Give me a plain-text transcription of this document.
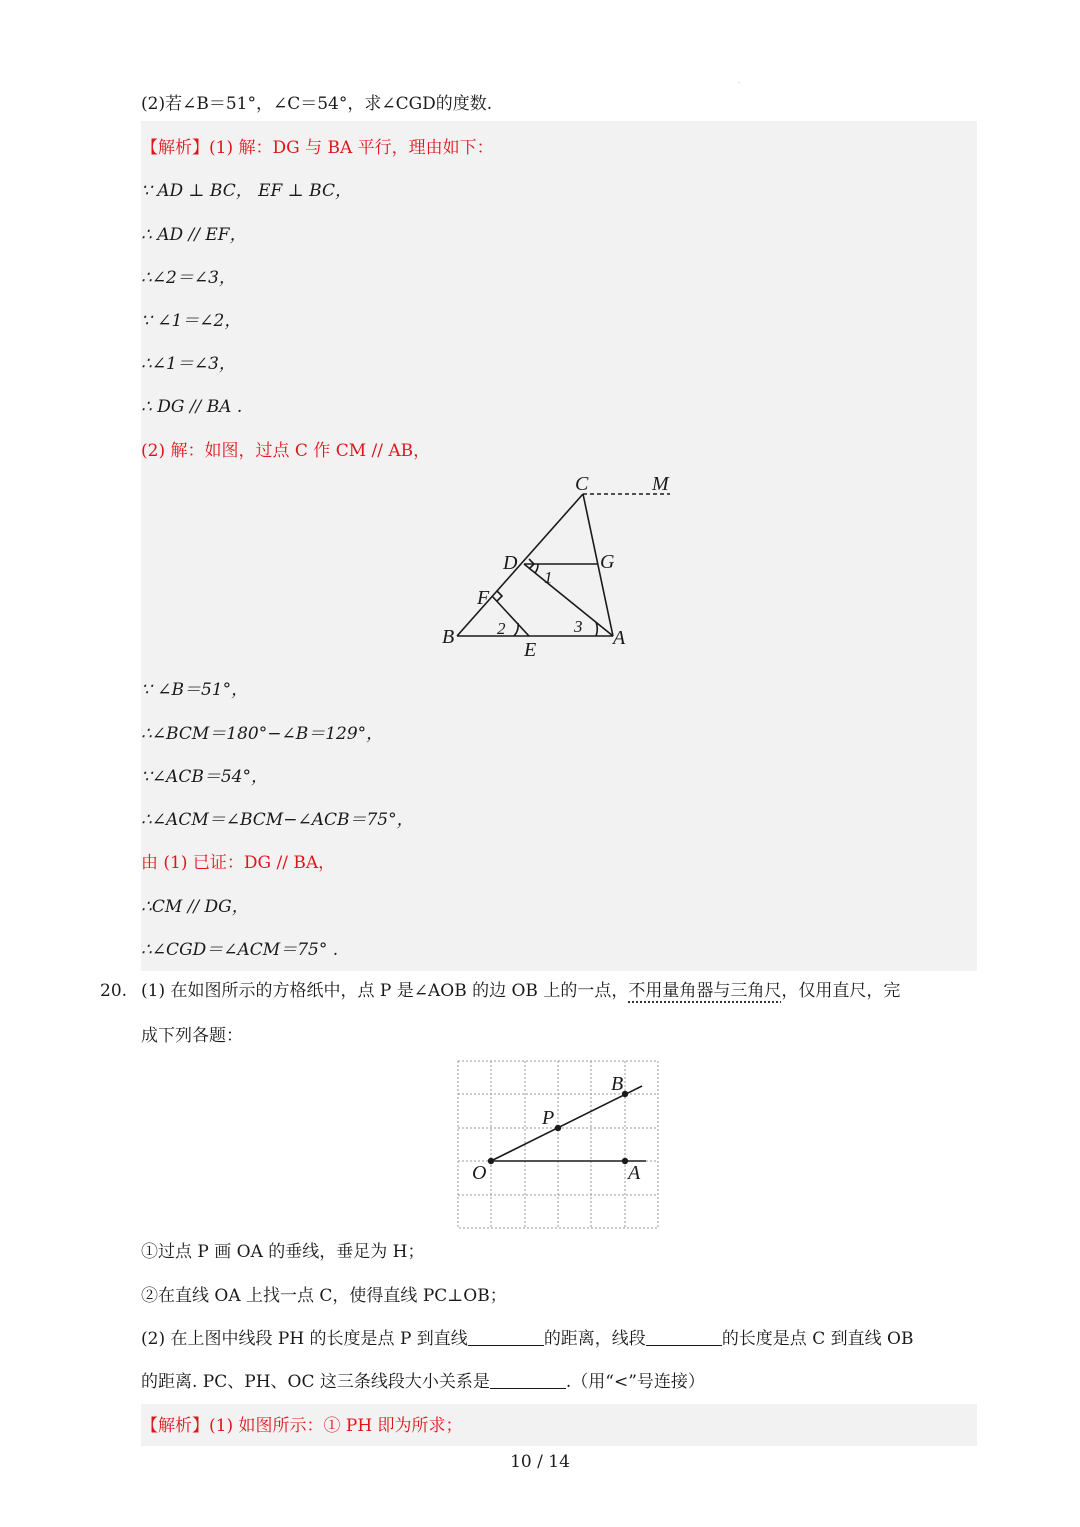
·
(2)若∠B＝51°，∠C＝54°，求∠CGD的度数.
【解析】(1) 解：DG 与 BA 平行，理由如下：
∵ AD ⊥ BC， EF ⊥ BC，
∴ AD // EF，
∴∠2＝∠3，
∵ ∠1＝∠2，
∴∠1＝∠3，
∴ DG // BA .
(2) 解：如图，过点 C 作 CM // AB，
C	M
D	G
F
B
E
A
1
2	3
∵ ∠B＝51°，
∴∠BCM＝180°−∠B＝129°，
∵∠ACB＝54°，
∴∠ACM＝∠BCM−∠ACB＝75°，
由 (1) 已证：DG // BA，
∴CM // DG，
∴∠CGD＝∠ACM＝75° .
20. (1) 在如图所示的方格纸中，点 P 是∠AOB 的边 OB 上的一点，不用量角器与三角尺，仅用直尺，完
成下列各题：
O	A
B
P
①过点 P 画 OA 的垂线，垂足为 H；
②在直线 OA 上找一点 C，使得直线 PC⊥OB；
(2) 在上图中线段 PH 的长度是点 P 到直线	的距离，线段	的长度是点 C 到直线 OB
的距离. PC、PH、OC 这三条线段大小关系是	.（用“<”号连接）
【解析】(1) 如图所示：① PH 即为所求；
10 / 14
